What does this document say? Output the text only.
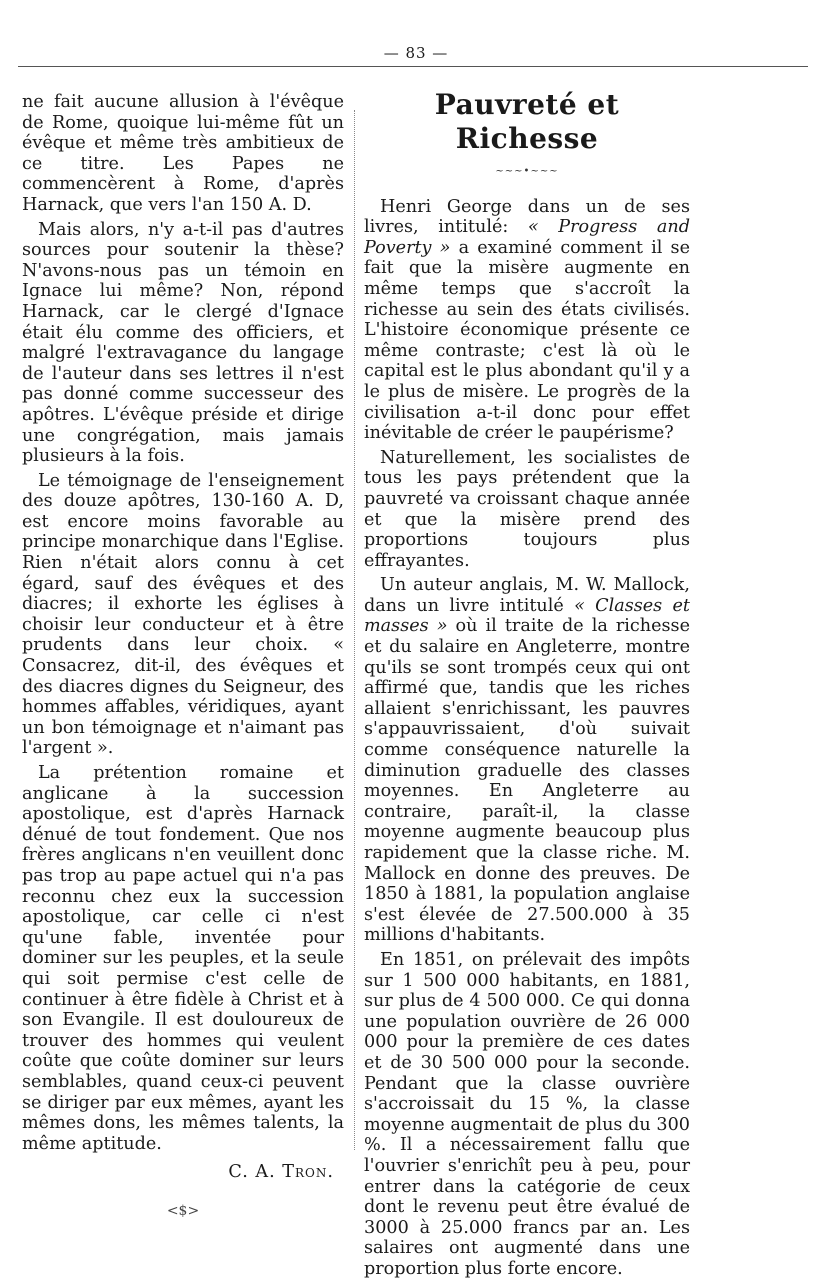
— 83 —

ne fait aucune allusion à l'évêque de Rome, quoique lui-même fût un évêque et même très ambitieux de ce titre. Les Papes ne commencèrent à Rome, d'après Harnack, que vers l'an 150 A. D.

Mais alors, n'y a-t-il pas d'autres sources pour soutenir la thèse? N'avons-nous pas un témoin en Ignace lui même? Non, répond Harnack, car le clergé d'Ignace était élu comme des officiers, et malgré l'extravagance du langage de l'auteur dans ses lettres il n'est pas donné comme successeur des apôtres. L'évêque préside et dirige une congrégation, mais jamais plusieurs à la fois.

Le témoignage de l'enseignement des douze apôtres, 130-160 A. D, est encore moins favorable au principe monarchique dans l'Eglise. Rien n'était alors connu à cet égard, sauf des évêques et des diacres; il exhorte les églises à choisir leur conducteur et à être prudents dans leur choix. « Consacrez, dit-il, des évêques et des diacres dignes du Seigneur, des hommes affables, véridiques, ayant un bon témoignage et n'aimant pas l'argent ».

La prétention romaine et anglicane à la succession apostolique, est d'après Harnack dénué de tout fondement. Que nos frères anglicans n'en veuillent donc pas trop au pape actuel qui n'a pas reconnu chez eux la succession apostolique, car celle ci n'est qu'une fable, inventée pour dominer sur les peuples, et la seule qui soit permise c'est celle de continuer à être fidèle à Christ et à son Evangile. Il est douloureux de trouver des hommes qui veulent coûte que coûte dominer sur leurs semblables, quand ceux-ci peuvent se diriger par eux mêmes, ayant les mêmes dons, les mêmes talents, la même aptitude.

C. A. Tron.
<$>
Pauvreté et Richesse
~~~•~~~

Henri George dans un de ses livres, intitulé: « Progress and Poverty » a examiné comment il se fait que la misère augmente en même temps que s'accroît la richesse au sein des états civilisés. L'histoire économique présente ce même contraste; c'est là où le capital est le plus abondant qu'il y a le plus de misère. Le progrès de la civilisation a-t-il donc pour effet inévitable de créer le paupérisme?

Naturellement, les socialistes de tous les pays prétendent que la pauvreté va croissant chaque année et que la misère prend des proportions toujours plus effrayantes.

Un auteur anglais, M. W. Mallock, dans un livre intitulé « Classes et masses » où il traite de la richesse et du salaire en Angleterre, montre qu'ils se sont trompés ceux qui ont affirmé que, tandis que les riches allaient s'enrichissant, les pauvres s'appauvrissaient, d'où suivait comme conséquence naturelle la diminution graduelle des classes moyennes. En Angleterre au contraire, paraît-il, la classe moyenne augmente beaucoup plus rapidement que la classe riche. M. Mallock en donne des preuves. De 1850 à 1881, la population anglaise s'est élevée de 27.500.000 à 35 millions d'habitants.

En 1851, on prélevait des impôts sur 1 500 000 habitants, en 1881, sur plus de 4 500 000. Ce qui donna une population ouvrière de 26 000 000 pour la première de ces dates et de 30 500 000 pour la seconde. Pendant que la classe ouvrière s'accroissait du 15 %, la classe moyenne augmentait de plus du 300 %. Il a nécessairement fallu que l'ouvrier s'enrichît peu à peu, pour entrer dans la catégorie de ceux dont le revenu peut être évalué de 3000 à 25.000 francs par an. Les salaires ont augmenté dans une proportion plus forte encore.
